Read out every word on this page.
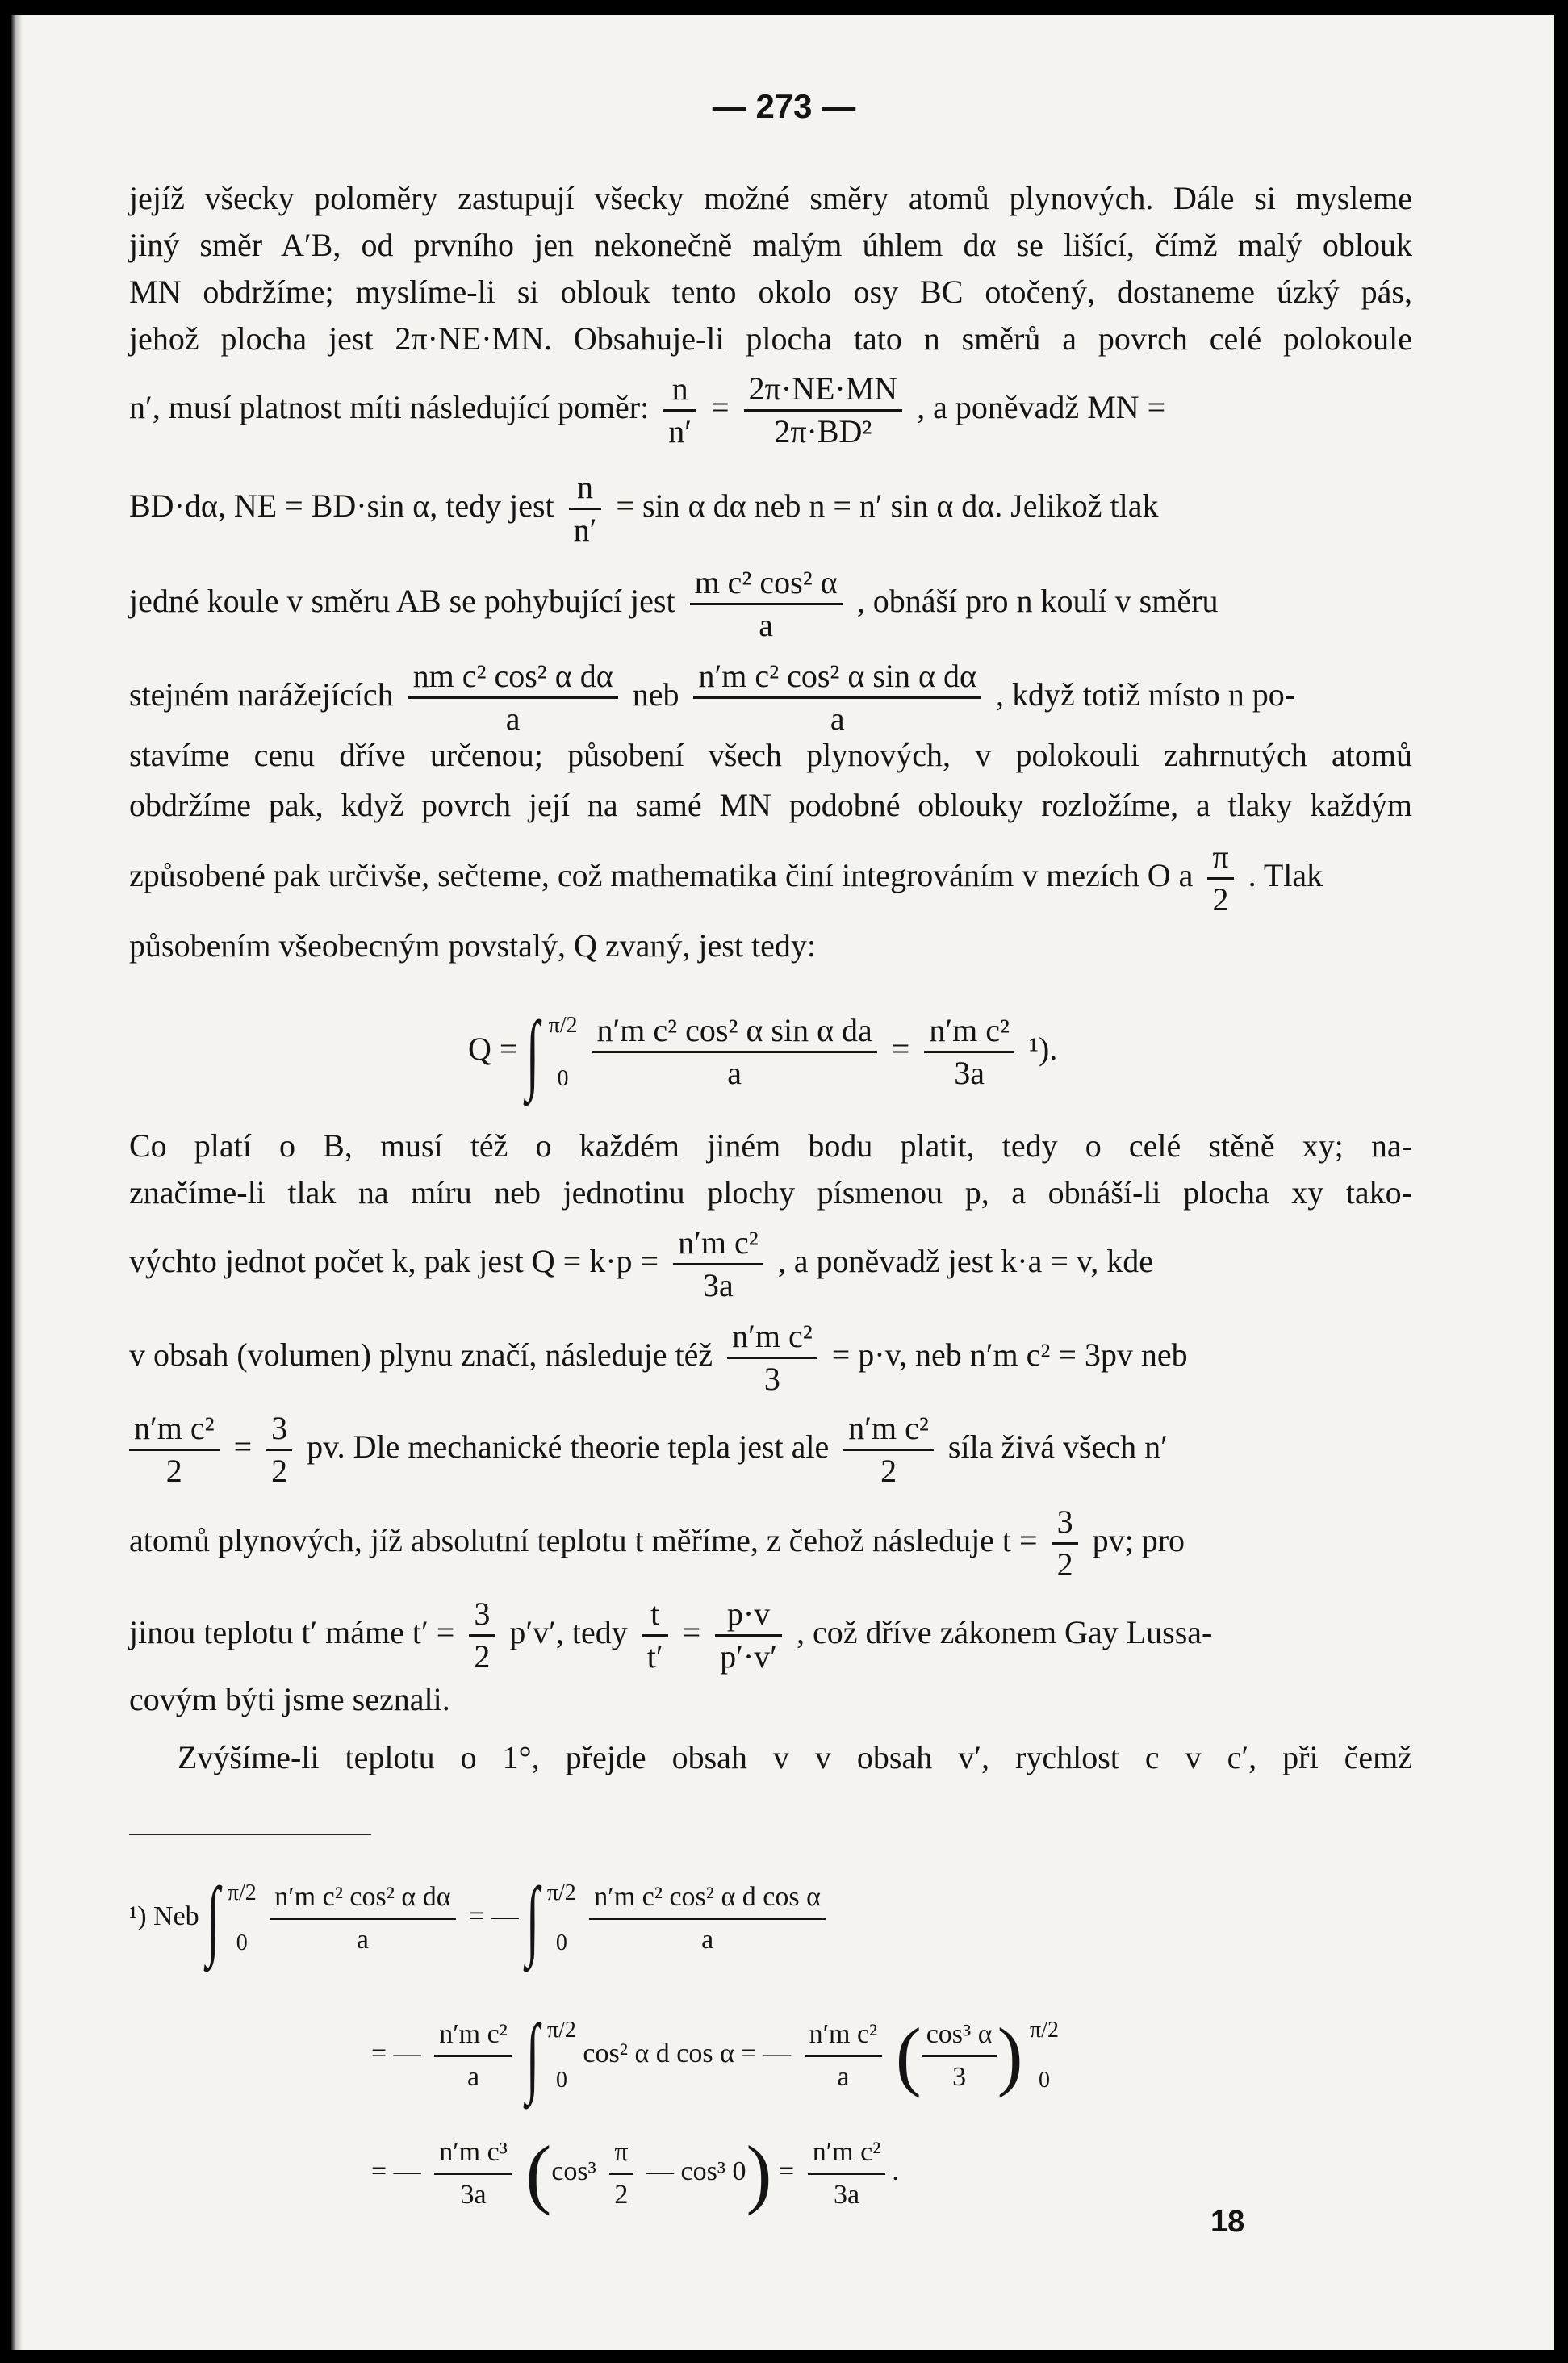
— 273 —
jejíž všecky poloměry zastupují všecky možné směry atomů plynových. Dále si mysleme
jiný směr A′B, od prvního jen nekonečně malým úhlem dα se lišící, čímž malý oblouk
MN obdržíme; myslíme-li si oblouk tento okolo osy BC otočený, dostaneme úzký pás,
jehož plocha jest 2π·NE·MN. Obsahuje-li plocha tato n směrů a povrch celé polokoule
n′, musí platnost míti následující poměr: $\frac{n}{n'} = \frac{2\pi\cdot NE\cdot MN}{\text{2π·BD²}}$ , a poněvadž MN =
BD·dα, NE = BD·sin α, tedy jest $\frac{n}{n'} = \sin \alpha$ dα neb n = n′ sin α dα. Jelikož tlak
jedné koule v směru AB se pohybující jest $\frac{\text{m c² cos² α}}{a}$ , obnáší pro n koulí v směru
stejném narážejících $\frac{\text{nm c² cos² α dα}}{a}$ neb $\frac{\text{n′m c² cos² α sin α dα}}{a}$ , když totiž místo n po-
stavíme cenu dříve určenou; působení všech plynových, v polokouli zahrnutých atomů
obdržíme pak, když povrch její na samé MN podobné oblouky rozložíme, a tlaky každým
způsobené pak určivše, sečteme, což mathematika činí integrováním v mezích O a $\frac{\pi}{2}$ . Tlak
působením všeobecným povstalý, Q zvaný, jest tedy:
Q = ∫ π/2
0
$\frac{\text{n′m c² cos² α sin α da}}{a} = \frac{\text{n′m c²}}{3a} ^1$).
Co platí o B, musí též o každém jiném bodu platit, tedy o celé stěně xy; na-
značíme-li tlak na míru neb jednotinu plochy písmenou p, a obnáší-li plocha xy tako-
výchto jednot počet k, pak jest $Q = k\cdot p = \frac{\text{n′m c²}}{3a}$ , a poněvadž jest k·a = v, kde
v obsah (volumen) plynu značí, následuje též $\frac{\text{n′m c²}}{3} = p\cdot v$, neb n′m c² = 3pv neb
$\frac{\text{n′m c²}}{2} = \frac{3}{2}$ pv. Dle mechanické theorie tepla jest ale $\frac{\text{n′m c²}}{2}$ síla živá všech n′
atomů plynových, jíž absolutní teplotu t měříme, z čehož následuje $t = \frac{3}{2}$ pv; pro
jinou teplotu t′ máme $t' = \frac{3}{2} p'v'$, tedy $\frac{t}{t'} = \frac{p\cdot v}{p'\cdot v'}$ , což dříve zákonem Gay Lussa-
covým býti jsme seznali.
Zvýšíme-li teplotu o 1°, přejde obsah v v obsah v′, rychlost c v c′, při čemž
¹) Neb ∫ π/2
0
$\frac{\text{n′m c² cos² α dα}}{a}$ = — ∫ π/2
0
$\frac{\text{n′m c² cos² α d cos α}}{a}$
= — $\frac{\text{n′m c²}}{a}$ ∫ π/2
0
cos² α d cos α = — $\frac{\text{n′m c²}}{a}$ ( $\frac{\text{cos³ α}}{3}$ ) π/2
0
= — $\frac{\text{n′m c³}}{3a} (\cos^3 \frac{\pi}{2}$ — cos³ $0) = \frac{\text{n′m c²}}{3a}$ .
18
